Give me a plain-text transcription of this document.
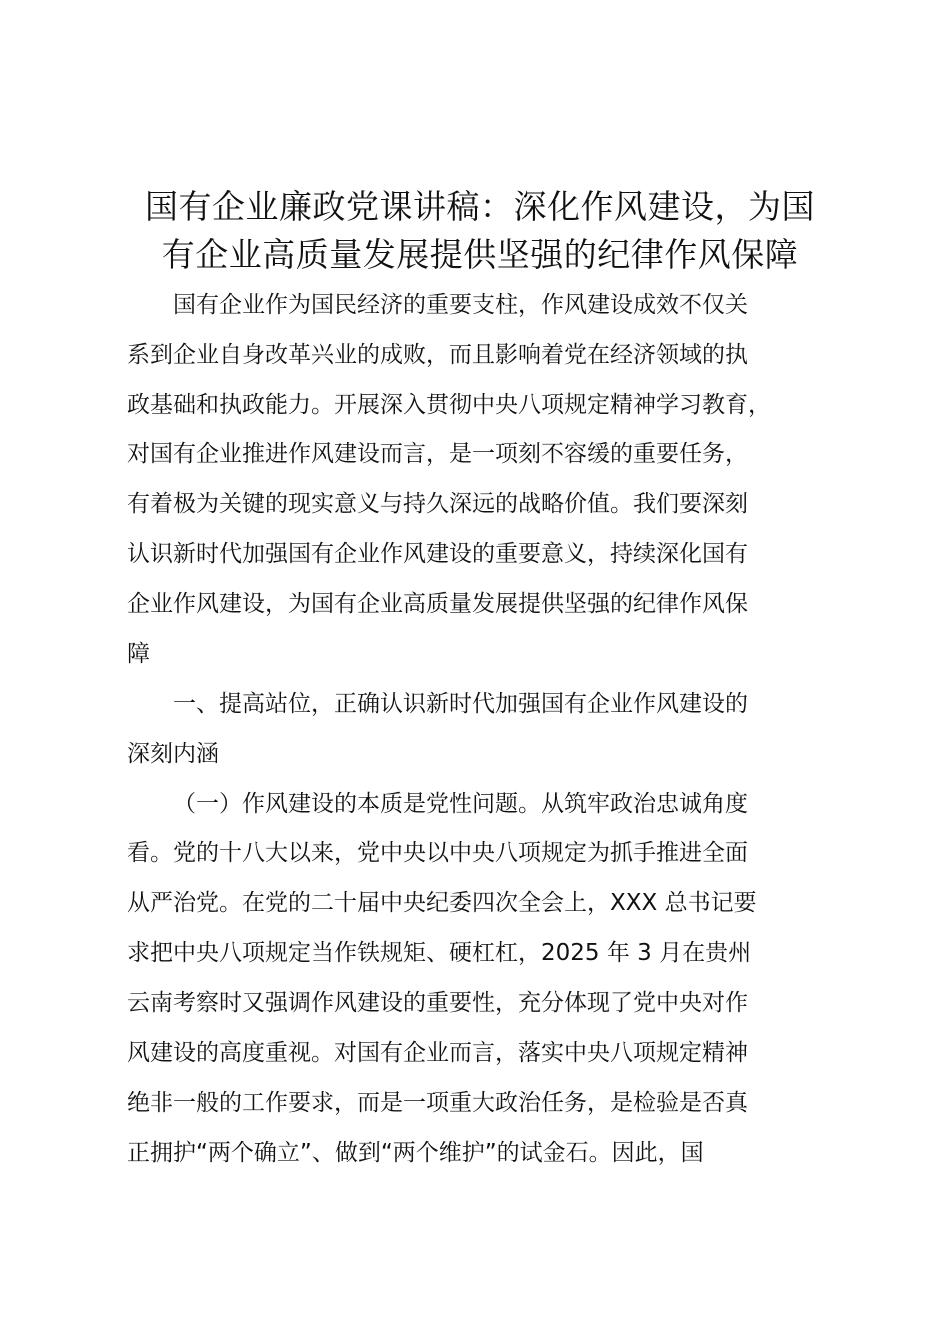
国有企业廉政党课讲稿：深化作风建设，为国
有企业高质量发展提供坚强的纪律作风保障
国有企业作为国民经济的重要支柱，作风建设成效不仅关
系到企业自身改革兴业的成败，而且影响着党在经济领域的执
政基础和执政能力。开展深入贯彻中央八项规定精神学习教育，
对国有企业推进作风建设而言，是一项刻不容缓的重要任务，
有着极为关键的现实意义与持久深远的战略价值。我们要深刻
认识新时代加强国有企业作风建设的重要意义，持续深化国有
企业作风建设，为国有企业高质量发展提供坚强的纪律作风保
障
一、提高站位，正确认识新时代加强国有企业作风建设的
深刻内涵
（一）作风建设的本质是党性问题。从筑牢政治忠诚角度
看。党的十八大以来，党中央以中央八项规定为抓手推进全面
从严治党。在党的二十届中央纪委四次全会上，XXX 总书记要
求把中央八项规定当作铁规矩、硬杠杠，2025 年 3 月在贵州
云南考察时又强调作风建设的重要性，充分体现了党中央对作
风建设的高度重视。对国有企业而言，落实中央八项规定精神
绝非一般的工作要求，而是一项重大政治任务，是检验是否真
正拥护“两个确立”、做到“两个维护”的试金石。因此，国
